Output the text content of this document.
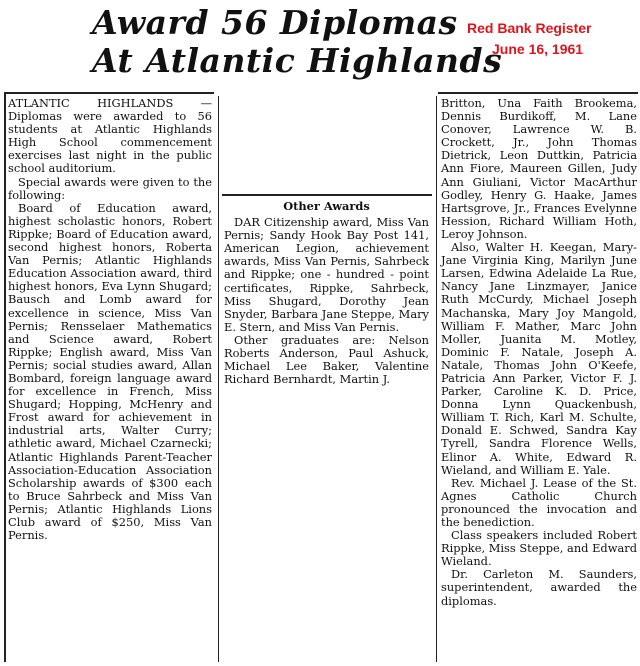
Award 56 Diplomas
At Atlantic Highlands
Red Bank Register
June 16, 1961

ATLANTIC HIGHLANDS — Diplomas were awarded to 56 students at Atlantic Highlands High School commencement exercises last night in the public school auditorium.

Special awards were given to the following:

Board of Education award, highest scholastic honors, Robert Rippke; Board of Education award, second highest honors, Roberta Van Pernis; Atlantic Highlands Education Association award, third highest honors, Eva Lynn Shugard; Bausch and Lomb award for excellence in science, Miss Van Pernis; Rensselaer Mathematics and Science award, Robert Rippke; English award, Miss Van Pernis; social studies award, Allan Bombard, foreign language award for excellence in French, Miss Shugard; Hopping, McHenry and Frost award for achievement in industrial arts, Walter Curry; athletic award, Michael Czarnecki; Atlantic Highlands Parent-Teacher Association-Education Association Scholarship awards of $300 each to Bruce Sahrbeck and Miss Van Pernis; Atlantic Highlands Lions Club award of $250, Miss Van Pernis.

Other Awards

DAR Citizenship award, Miss Van Pernis; Sandy Hook Bay Post 141, American Legion, achievement awards, Miss Van Pernis, Sahrbeck and Rippke; one - hundred - point certificates, Rippke, Sahrbeck, Miss Shugard, Dorothy Jean Snyder, Barbara Jane Steppe, Mary E. Stern, and Miss Van Pernis.

Other graduates are: Nelson Roberts Anderson, Paul Ashuck, Michael Lee Baker, Valentine Richard Bernhardt, Martin J.

Britton, Una Faith Brookema, Dennis Burdikoff, M. Lane Conover, Lawrence W. B. Crockett, Jr., John Thomas Dietrick, Leon Duttkin, Patricia Ann Fiore, Maureen Gillen, Judy Ann Giuliani, Victor MacArthur Godley, Henry G. Haake, James Hartsgrove, Jr., Frances Evelynne Hession, Richard William Hoth, Leroy Johnson.

Also, Walter H. Keegan, Mary-Jane Virginia King, Marilyn June Larsen, Edwina Adelaide La Rue, Nancy Jane Linzmayer, Janice Ruth McCurdy, Michael Joseph Machanska, Mary Joy Mangold, William F. Mather, Marc John Moller, Juanita M. Motley, Dominic F. Natale, Joseph A. Natale, Thomas John O'Keefe, Patricia Ann Parker, Victor F. J. Parker, Caroline K. D. Price, Donna Lynn Quackenbush, William T. Rich, Karl M. Schulte, Donald E. Schwed, Sandra Kay Tyrell, Sandra Florence Wells, Elinor A. White, Edward R. Wieland, and William E. Yale.

Rev. Michael J. Lease of the St. Agnes Catholic Church pronounced the invocation and the benediction.

Class speakers included Robert Rippke, Miss Steppe, and Edward Wieland.

Dr. Carleton M. Saunders, superintendent, awarded the diplomas.
